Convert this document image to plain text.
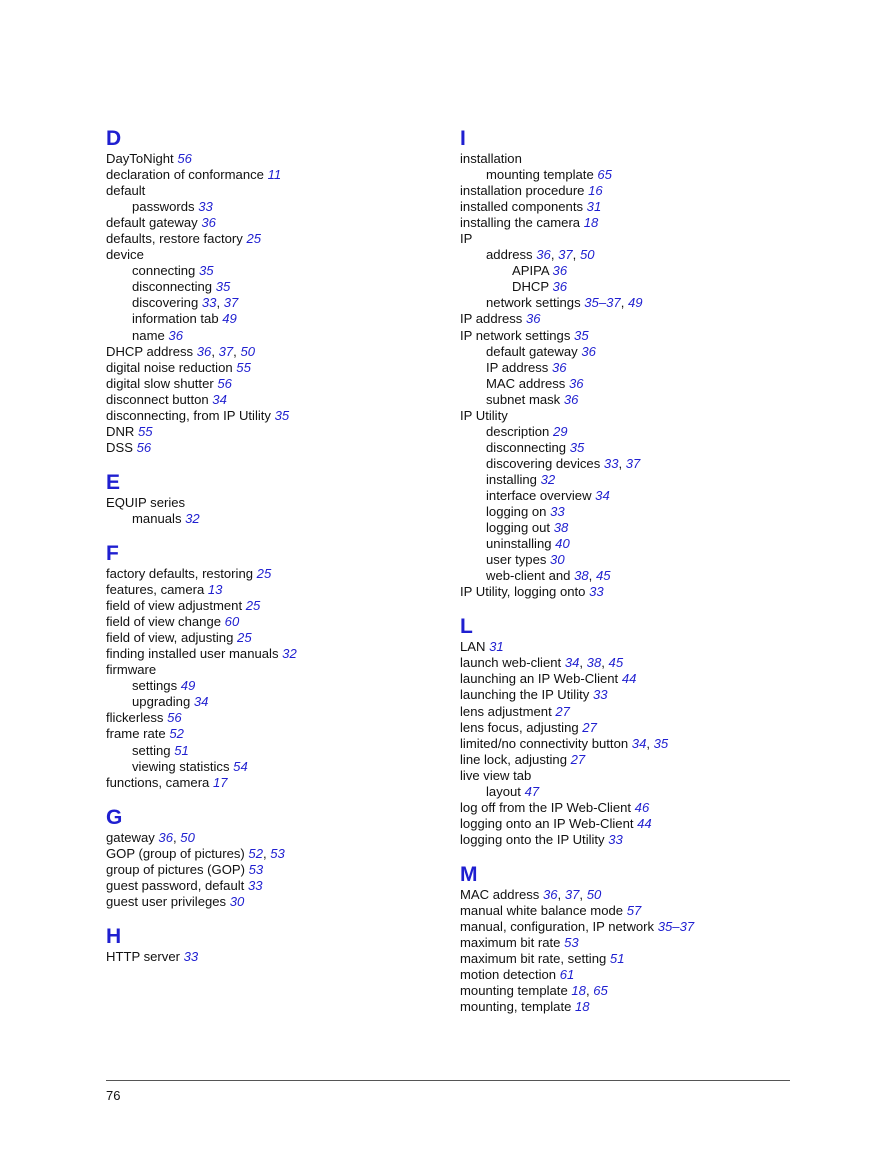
D
DayToNight 56
declaration of conformance 11
default
passwords 33
default gateway 36
defaults, restore factory 25
device
connecting 35
disconnecting 35
discovering 33, 37
information tab 49
name 36
DHCP address 36, 37, 50
digital noise reduction 55
digital slow shutter 56
disconnect button 34
disconnecting, from IP Utility 35
DNR 55
DSS 56
E
EQUIP series
manuals 32
F
factory defaults, restoring 25
features, camera 13
field of view adjustment 25
field of view change 60
field of view, adjusting 25
finding installed user manuals 32
firmware
settings 49
upgrading 34
flickerless 56
frame rate 52
setting 51
viewing statistics 54
functions, camera 17
G
gateway 36, 50
GOP (group of pictures) 52, 53
group of pictures (GOP) 53
guest password, default 33
guest user privileges 30
H
HTTP server 33
I
installation
mounting template 65
installation procedure 16
installed components 31
installing the camera 18
IP
address 36, 37, 50
APIPA 36
DHCP 36
network settings 35–37, 49
IP address 36
IP network settings 35
default gateway 36
IP address 36
MAC address 36
subnet mask 36
IP Utility
description 29
disconnecting 35
discovering devices 33, 37
installing 32
interface overview 34
logging on 33
logging out 38
uninstalling 40
user types 30
web-client and 38, 45
IP Utility, logging onto 33
L
LAN 31
launch web-client 34, 38, 45
launching an IP Web-Client 44
launching the IP Utility 33
lens adjustment 27
lens focus, adjusting 27
limited/no connectivity button 34, 35
line lock, adjusting 27
live view tab
layout 47
log off from the IP Web-Client 46
logging onto an IP Web-Client 44
logging onto the IP Utility 33
M
MAC address 36, 37, 50
manual white balance mode 57
manual, configuration, IP network 35–37
maximum bit rate 53
maximum bit rate, setting 51
motion detection 61
mounting template 18, 65
mounting, template 18
76
